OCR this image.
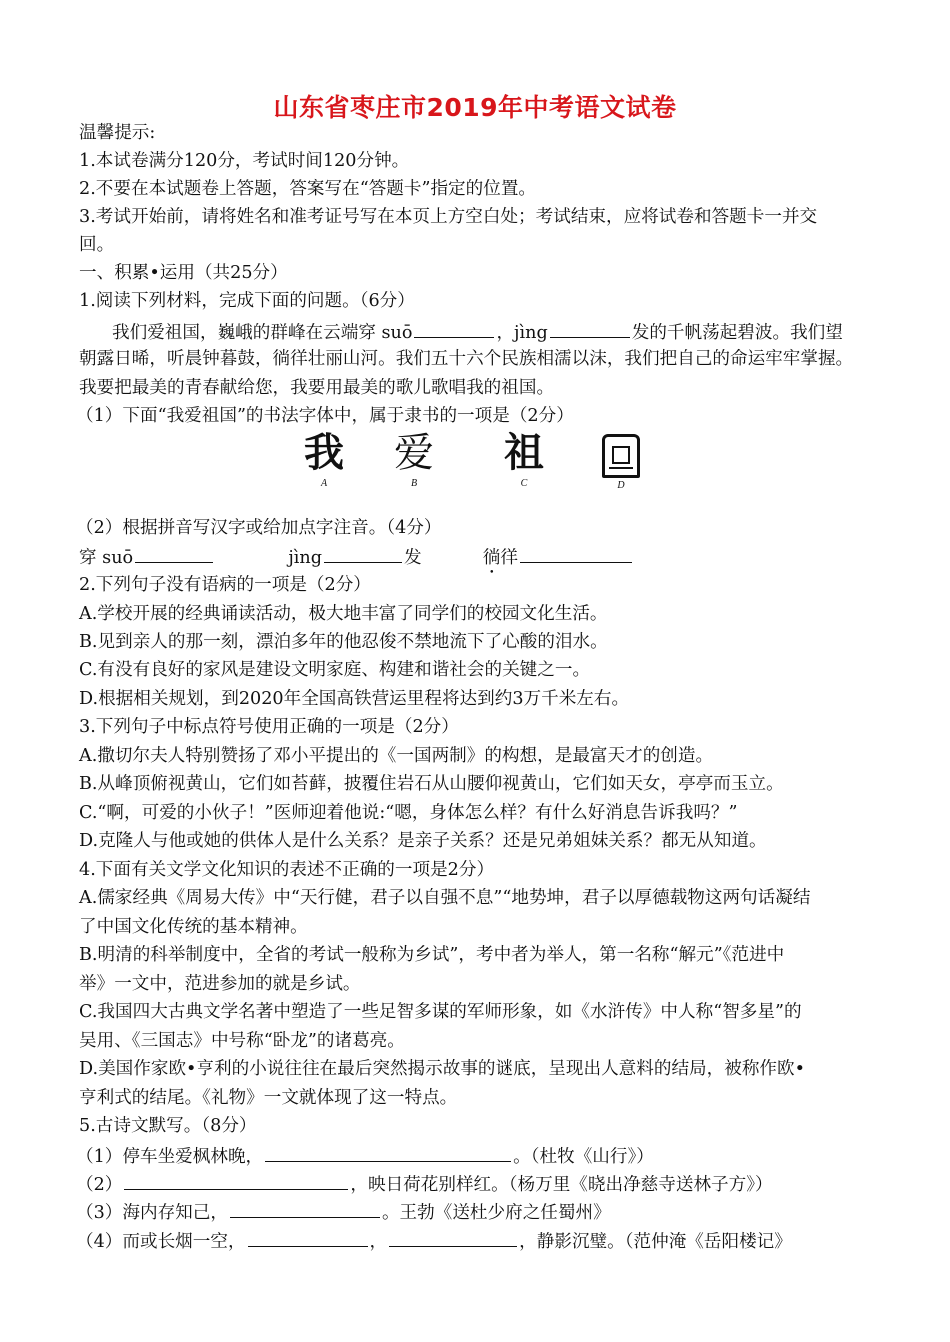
山东省枣庄市2019年中考语文试卷
温馨提示:
1.本试卷满分120分，考试时间120分钟。
2.不要在本试题卷上答题，答案写在“答题卡”指定的位置。
3.考试开始前，请将姓名和准考证号写在本页上方空白处；考试结束，应将试卷和答题卡一并交
回。
一、积累•运用（共25分）
1.阅读下列材料，完成下面的问题。（6分）
我们爱祖国，巍峨的群峰在云端穿 suō	，jìng	发的千帆荡起碧波。我们望
朝露日晞，听晨钟暮鼓，徜徉壮丽山河。我们五十六个民族相濡以沫，我们把自己的命运牢牢掌握。
我要把最美的青春献给您，我要用最美的歌儿歌唱我的祖国。
（1）下面“我爱祖国”的书法字体中，属于隶书的一项是（2分）
我
A
爱
B
祖
C	D
（2）根据拼音写汉字或给加点字注音。（4分）
穿 suō	jìng	发	徜徉
2.下列句子没有语病的一项是（2分）
A.学校开展的经典诵读活动，极大地丰富了同学们的校园文化生活。
B.见到亲人的那一刻，漂泊多年的他忍俊不禁地流下了心酸的泪水。
C.有没有良好的家风是建设文明家庭、构建和谐社会的关键之一。
D.根据相关规划，到2020年全国高铁营运里程将达到约3万千米左右。
3.下列句子中标点符号使用正确的一项是（2分）
A.撒切尔夫人特别赞扬了邓小平提出的《一国两制》的构想，是最富天才的创造。
B.从峰顶俯视黄山，它们如苔藓，披覆住岩石从山腰仰视黄山，它们如天女，亭亭而玉立。
C.“啊，可爱的小伙子！”医师迎着他说:“嗯，身体怎么样？有什么好消息告诉我吗？”
D.克隆人与他或她的供体人是什么关系？是亲子关系？还是兄弟姐妹关系？都无从知道。
4.下面有关文学文化知识的表述不正确的一项是2分）
A.儒家经典《周易大传》中“天行健，君子以自强不息”“地势坤，君子以厚德载物这两句话凝结
了中国文化传统的基本精神。
B.明清的科举制度中，全省的考试一般称为乡试”，考中者为举人，第一名称“解元”《范进中
举》一文中，范进参加的就是乡试。
C.我国四大古典文学名著中塑造了一些足智多谋的军师形象，如《水浒传》中人称“智多星”的
吴用、《三国志》中号称“卧龙”的诸葛亮。
D.美国作家欧•亨利的小说往往在最后突然揭示故事的谜底，呈现出人意料的结局，被称作欧•
亨利式的结尾。《礼物》一文就体现了这一特点。
5.古诗文默写。（8分）
（1）停车坐爱枫林晚，	。（杜牧《山行》）
（2）	，映日荷花别样红。（杨万里《晓出净慈寺送林子方》）
（3）海内存知己，	。王勃《送杜少府之任蜀州》
（4）而或长烟一空，	，	，静影沉璧。（范仲淹《岳阳楼记》
